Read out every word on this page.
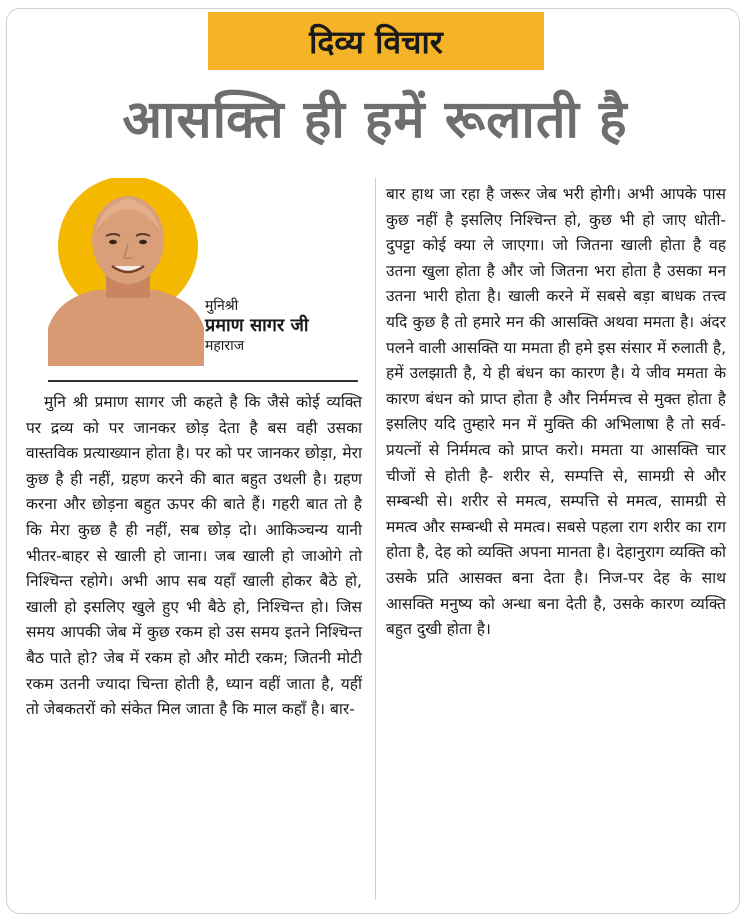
दिव्य विचार
आसक्ति ही हमें रूलाती है
मुनिश्री
प्रमाण सागर जी
महाराज
मुनि श्री प्रमाण सागर जी कहते है कि जैसे कोई व्यक्ति पर द्रव्य को पर जानकर छोड़ देता है बस वही उसका वास्तविक प्रत्याख्यान होता है। पर को पर जानकर छोड़ा, मेरा कुछ है ही नहीं, ग्रहण करने की बात बहुत उथली है। ग्रहण करना और छोड़ना बहुत ऊपर की बाते हैं। गहरी बात तो है कि मेरा कुछ है ही नहीं, सब छोड़ दो। आकिञ्चन्य यानी भीतर-बाहर से खाली हो जाना। जब खाली हो जाओगे तो निश्चिन्त रहोगे। अभी आप सब यहाँ खाली होकर बैठे हो, खाली हो इसलिए खुले हुए भी बैठे हो, निश्चिन्त हो। जिस समय आपकी जेब में कुछ रकम हो उस समय इतने निश्चिन्त बैठ पाते हो? जेब में रकम हो और मोटी रकम; जितनी मोटी रकम उतनी ज्यादा चिन्ता होती है, ध्यान वहीं जाता है, यहीं तो जेबकतरों को संकेत मिल जाता है कि माल कहाँ है। बार-
बार हाथ जा रहा है जरूर जेब भरी होगी। अभी आपके पास कुछ नहीं है इसलिए निश्चिन्त हो, कुछ भी हो जाए धोती-दुपट्टा कोई क्या ले जाएगा। जो जितना खाली होता है वह उतना खुला होता है और जो जितना भरा होता है उसका मन उतना भारी होता है। खाली करने में सबसे बड़ा बाधक तत्त्व यदि कुछ है तो हमारे मन की आसक्ति अथवा ममता है। अंदर पलने वाली आसक्ति या ममता ही हमे इस संसार में रुलाती है, हमें उलझाती है, ये ही बंधन का कारण है। ये जीव ममता के कारण बंधन को प्राप्त होता है और निर्ममत्त्व से मुक्त होता है इसलिए यदि तुम्हारे मन में मुक्ति की अभिलाषा है तो सर्व-प्रयत्नों से निर्ममत्व को प्राप्त करो। ममता या आसक्ति चार चीजों से होती है- शरीर से, सम्पत्ति से, सामग्री से और सम्बन्धी से। शरीर से ममत्व, सम्पत्ति से ममत्व, सामग्री से ममत्व और सम्बन्धी से ममत्व। सबसे पहला राग शरीर का राग होता है, देह को व्यक्ति अपना मानता है। देहानुराग व्यक्ति को उसके प्रति आसक्त बना देता है। निज-पर देह के साथ आसक्ति मनुष्य को अन्धा बना देती है, उसके कारण व्यक्ति बहुत दुखी होता है।
